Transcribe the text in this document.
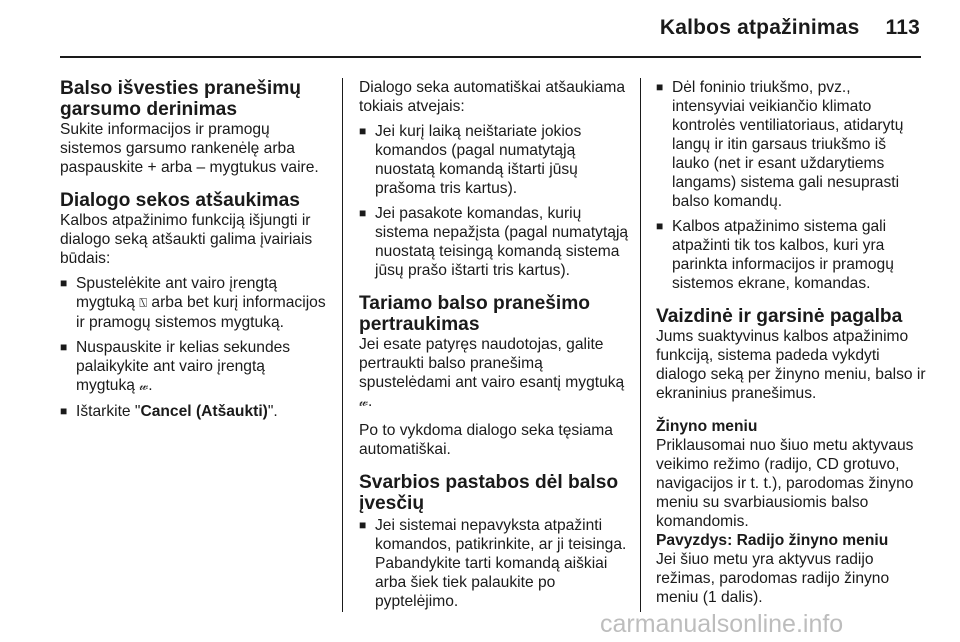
Kalbos atpažinimas 113
Balso išvesties pranešimų garsumo derinimas

Sukite informacijos ir pramogų sistemos garsumo rankenėlę arba paspauskite + arba – mygtukus vaire.

Dialogo sekos atšaukimas

Kalbos atpažinimo funkciją išjungti ir dialogo seką atšaukti galima įvairiais būdais:

■ Spustelėkite ant vairo įrengtą mygtuką ⍂ arba bet kurį informacijos ir pramogų sistemos mygtuką.
■ Nuspauskite ir kelias sekundes palaikykite ant vairo įrengtą mygtuką 𝓌.
■ Ištarkite "Cancel (Atšaukti)".

Dialogo seka automatiškai atšaukiama tokiais atvejais:

■ Jei kurį laiką neištariate jokios komandos (pagal numatytąją nuostatą komandą ištarti jūsų prašoma tris kartus).
■ Jei pasakote komandas, kurių sistema nepažįsta (pagal numatytąją nuostatą teisingą komandą sistema jūsų prašo ištarti tris kartus).
Tariamo balso pranešimo pertraukimas

Jei esate patyręs naudotojas, galite pertraukti balso pranešimą spustelėdami ant vairo esantį mygtuką 𝓌.

Po to vykdoma dialogo seka tęsiama automatiškai.

Svarbios pastabos dėl balso įvesčių
■ Jei sistemai nepavyksta atpažinti komandos, patikrinkite, ar ji teisinga. Pabandykite tarti komandą aiškiai arba šiek tiek palaukite po pyptelėjimo.
■ Dėl foninio triukšmo, pvz., intensyviai veikiančio klimato kontrolės ventiliatoriaus, atidarytų langų ir itin garsaus triukšmo iš lauko (net ir esant uždarytiems langams) sistema gali nesuprasti balso komandų.
■ Kalbos atpažinimo sistema gali atpažinti tik tos kalbos, kuri yra parinkta informacijos ir pramogų sistemos ekrane, komandas.
Vaizdinė ir garsinė pagalba

Jums suaktyvinus kalbos atpažinimo funkciją, sistema padeda vykdyti dialogo seką per žinyno meniu, balso ir ekraninius pranešimus.

Žinyno meniu

Priklausomai nuo šiuo metu aktyvaus veikimo režimo (radijo, CD grotuvo, navigacijos ir t. t.), parodomas žinyno meniu su svarbiausiomis balso komandomis.

Pavyzdys: Radijo žinyno meniu

Jei šiuo metu yra aktyvus radijo režimas, parodomas radijo žinyno meniu (1 dalis).

carmanualsonline.info
